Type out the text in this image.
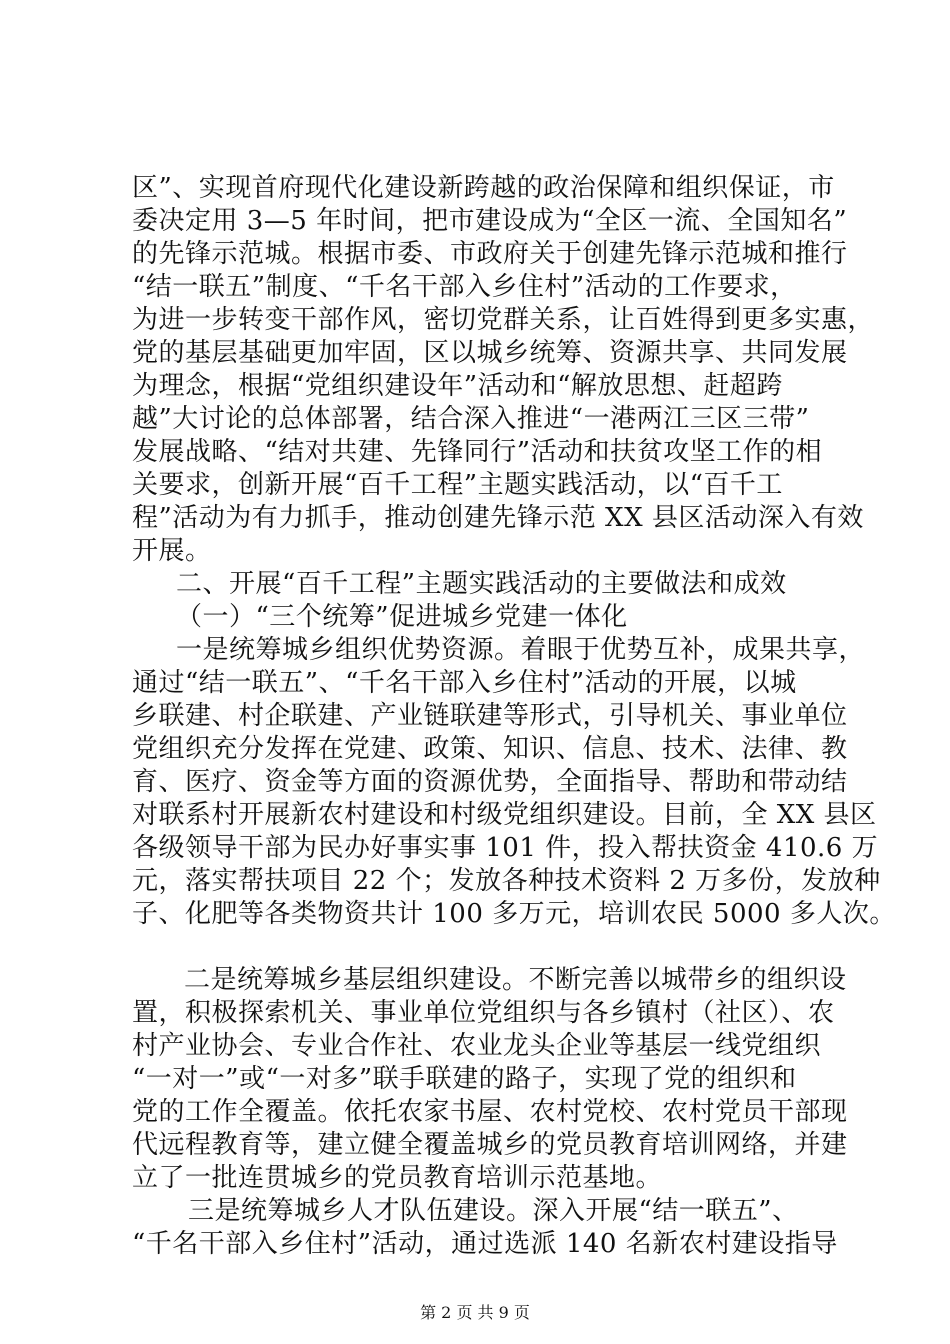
区”、实现首府现代化建设新跨越的政治保障和组织保证，市
委决定用 3—5 年时间，把市建设成为“全区一流、全国知名”
的先锋示范城。根据市委、市政府关于创建先锋示范城和推行
“结一联五”制度、“千名干部入乡住村”活动的工作要求，
为进一步转变干部作风，密切党群关系，让百姓得到更多实惠，
党的基层基础更加牢固，区以城乡统筹、资源共享、共同发展
为理念，根据“党组织建设年”活动和“解放思想、赶超跨
越”大讨论的总体部署，结合深入推进“一港两江三区三带”
发展战略、“结对共建、先锋同行”活动和扶贫攻坚工作的相
关要求，创新开展“百千工程”主题实践活动，以“百千工
程”活动为有力抓手，推动创建先锋示范 XX 县区活动深入有效
开展。
二、开展“百千工程”主题实践活动的主要做法和成效
（一）“三个统筹”促进城乡党建一体化
一是统筹城乡组织优势资源。着眼于优势互补，成果共享，
通过“结一联五”、“千名干部入乡住村”活动的开展，以城
乡联建、村企联建、产业链联建等形式，引导机关、事业单位
党组织充分发挥在党建、政策、知识、信息、技术、法律、教
育、医疗、资金等方面的资源优势，全面指导、帮助和带动结
对联系村开展新农村建设和村级党组织建设。目前，全 XX 县区
各级领导干部为民办好事实事 101 件，投入帮扶资金 410.6 万
元，落实帮扶项目 22 个；发放各种技术资料 2 万多份，发放种
子、化肥等各类物资共计 100 多万元，培训农民 5000 多人次。
二是统筹城乡基层组织建设。不断完善以城带乡的组织设
置，积极探索机关、事业单位党组织与各乡镇村（社区）、农
村产业协会、专业合作社、农业龙头企业等基层一线党组织
“一对一”或“一对多”联手联建的路子，实现了党的组织和
党的工作全覆盖。依托农家书屋、农村党校、农村党员干部现
代远程教育等，建立健全覆盖城乡的党员教育培训网络，并建
立了一批连贯城乡的党员教育培训示范基地。
三是统筹城乡人才队伍建设。深入开展“结一联五”、
“千名干部入乡住村”活动，通过选派 140 名新农村建设指导
第 2 页 共 9 页
